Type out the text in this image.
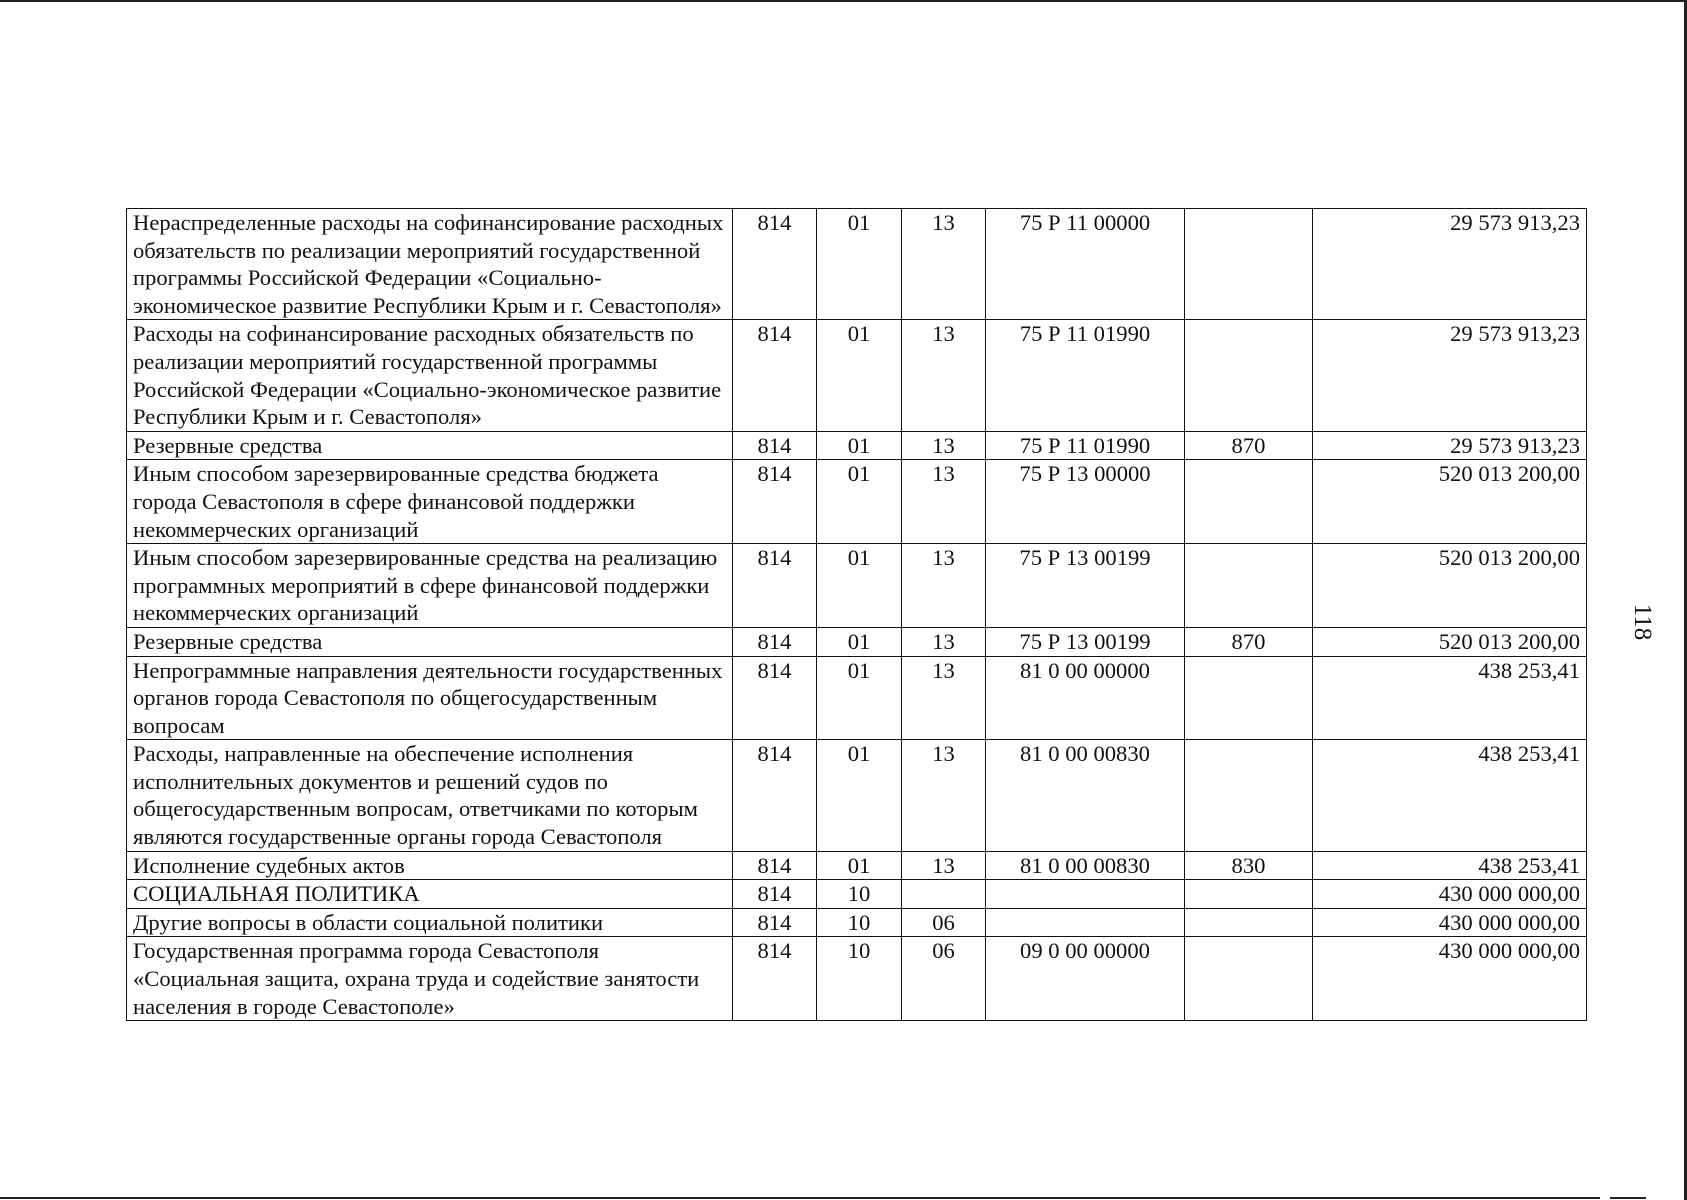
Нераспределенные расходы на софинансирование расходных обязательств по реализации мероприятий государственной программы Российской Федерации «Социально-экономическое развитие Республики Крым и г. Севастополя»	814	01	13	75 Р 11 00000		29 573 913,23
Расходы на софинансирование расходных обязательств по реализации мероприятий государственной программы Российской Федерации «Социально-экономическое развитие Республики Крым и г. Севастополя»	814	01	13	75 Р 11 01990		29 573 913,23
Резервные средства	814	01	13	75 Р 11 01990	870	29 573 913,23
Иным способом зарезервированные средства бюджета города Севастополя в сфере финансовой поддержки некоммерческих организаций	814	01	13	75 Р 13 00000		520 013 200,00
Иным способом зарезервированные средства на реализацию программных мероприятий в сфере финансовой поддержки некоммерческих организаций	814	01	13	75 Р 13 00199		520 013 200,00
Резервные средства	814	01	13	75 Р 13 00199	870	520 013 200,00
Непрограммные направления деятельности государственных органов города Севастополя по общегосударственным вопросам	814	01	13	81 0 00 00000		438 253,41
Расходы, направленные на обеспечение исполнения исполнительных документов и решений судов по общегосударственным вопросам, ответчиками по которым являются государственные органы города Севастополя	814	01	13	81 0 00 00830		438 253,41
Исполнение судебных актов	814	01	13	81 0 00 00830	830	438 253,41
СОЦИАЛЬНАЯ ПОЛИТИКА	814	10				430 000 000,00
Другие вопросы в области социальной политики	814	10	06			430 000 000,00
Государственная программа города Севастополя «Социальная защита, охрана труда и содействие занятости населения в городе Севастополе»	814	10	06	09 0 00 00000		430 000 000,00
118
